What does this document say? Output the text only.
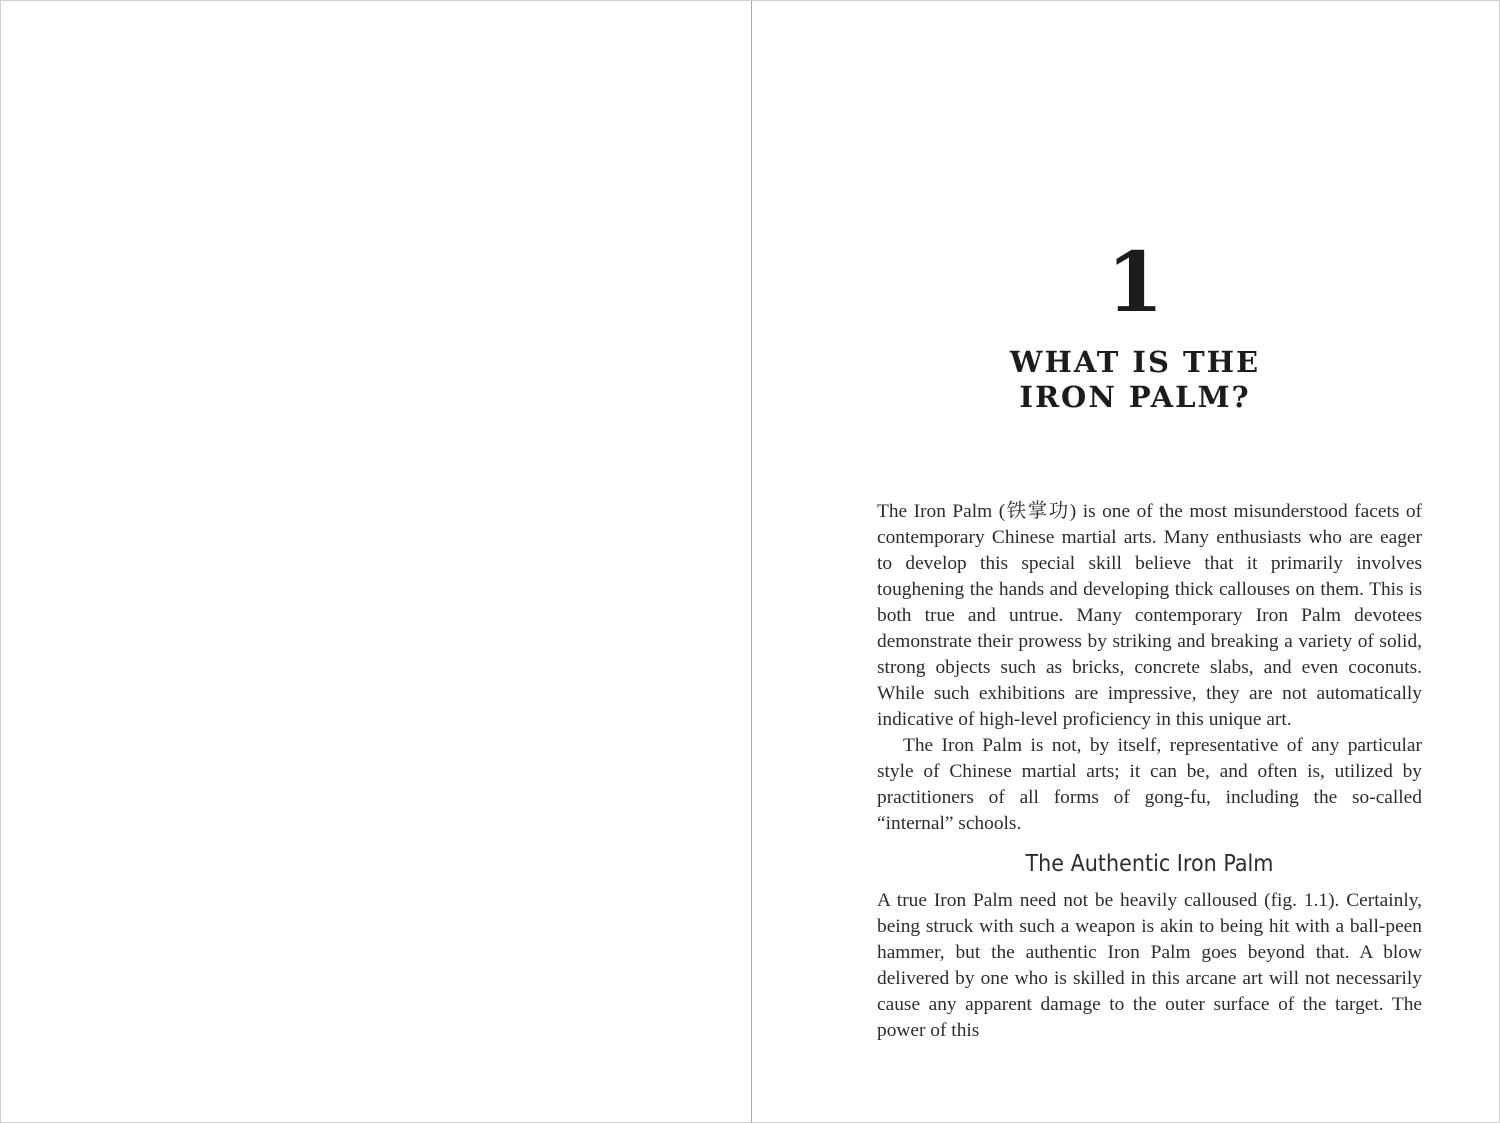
1
WHAT IS THE
IRON PALM?

The Iron Palm (铁掌功) is one of the most misunderstood facets of contemporary Chinese martial arts. Many enthusiasts who are eager to develop this special skill believe that it primarily involves toughening the hands and developing thick callouses on them. This is both true and untrue. Many contemporary Iron Palm devotees demonstrate their prowess by striking and breaking a variety of solid, strong objects such as bricks, concrete slabs, and even coconuts. While such exhibitions are impressive, they are not automatically indicative of high-level proficiency in this unique art.

The Iron Palm is not, by itself, representative of any particular style of Chinese martial arts; it can be, and often is, utilized by practitioners of all forms of gong-fu, including the so-called “internal” schools.

The Authentic Iron Palm

A true Iron Palm need not be heavily calloused (fig. 1.1). Certainly, being struck with such a weapon is akin to being hit with a ball-peen hammer, but the authentic Iron Palm goes beyond that. A blow delivered by one who is skilled in this arcane art will not necessarily cause any apparent damage to the outer surface of the target. The power of this
